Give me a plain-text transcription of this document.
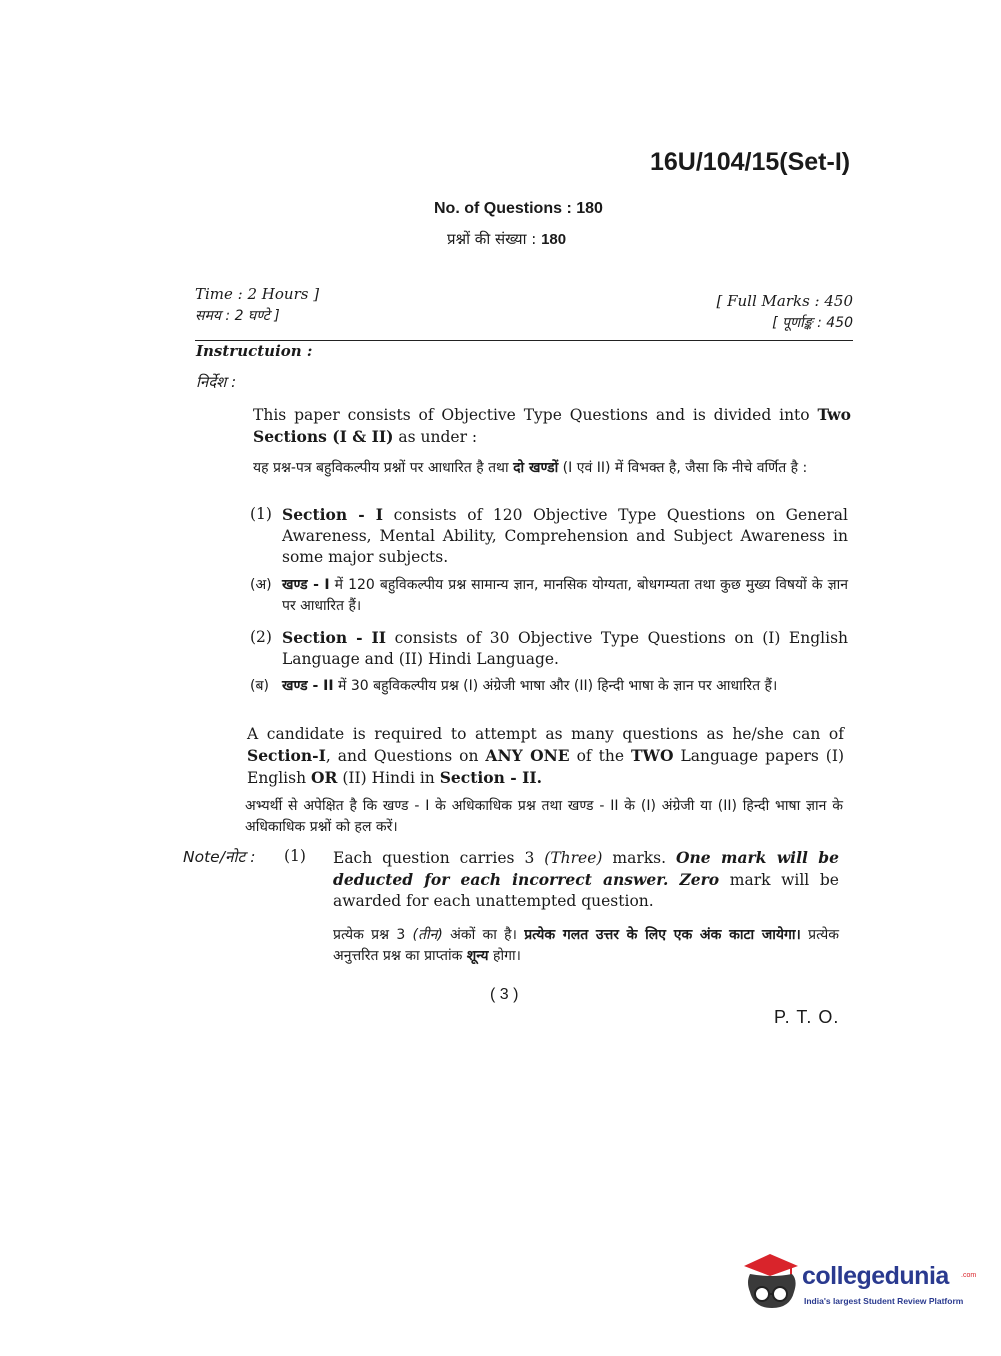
16U/104/15(Set-I)
No. of Questions : 180
प्रश्नों की संख्या : 180
Time : 2 Hours ]
समय : 2 घण्टे ]
[ Full Marks : 450
[ पूर्णाङ्क : 450
Instructuion :
निर्देश :
This paper consists of Objective Type Questions and is divided into Two Sections (I & II) as under :
यह प्रश्न-पत्र बहुविकल्पीय प्रश्नों पर आधारित है तथा दो खण्डों (I एवं II) में विभक्त है, जैसा कि नीचे वर्णित है :
(1) Section - I consists of 120 Objective Type Questions on General Awareness, Mental Ability, Comprehension and Subject Awareness in some major subjects.
(अ) खण्ड - I में 120 बहुविकल्पीय प्रश्न सामान्य ज्ञान, मानसिक योग्यता, बोधगम्यता तथा कुछ मुख्य विषयों के ज्ञान पर आधारित हैं।
(2) Section - II consists of 30 Objective Type Questions on (I) English Language and (II) Hindi Language.
(ब) खण्ड - II में 30 बहुविकल्पीय प्रश्न (I) अंग्रेजी भाषा और (II) हिन्दी भाषा के ज्ञान पर आधारित हैं।
A candidate is required to attempt as many questions as he/she can of Section-I, and Questions on ANY ONE of the TWO Language papers (I) English OR (II) Hindi in Section - II.
अभ्यर्थी से अपेक्षित है कि खण्ड - I के अधिकाधिक प्रश्न तथा खण्ड - II के (I) अंग्रेजी या (II) हिन्दी भाषा ज्ञान के अधिकाधिक प्रश्नों को हल करें।
Note/नोट : (1) Each question carries 3 (Three) marks. One mark will be deducted for each incorrect answer. Zero mark will be awarded for each unattempted question.
प्रत्येक प्रश्न 3 (तीन) अंकों का है। प्रत्येक गलत उत्तर के लिए एक अंक काटा जायेगा। प्रत्येक अनुत्तरित प्रश्न का प्राप्तांक शून्य होगा।
( 3 )
P. T. O.
collegedunia .com
India's largest Student Review Platform
